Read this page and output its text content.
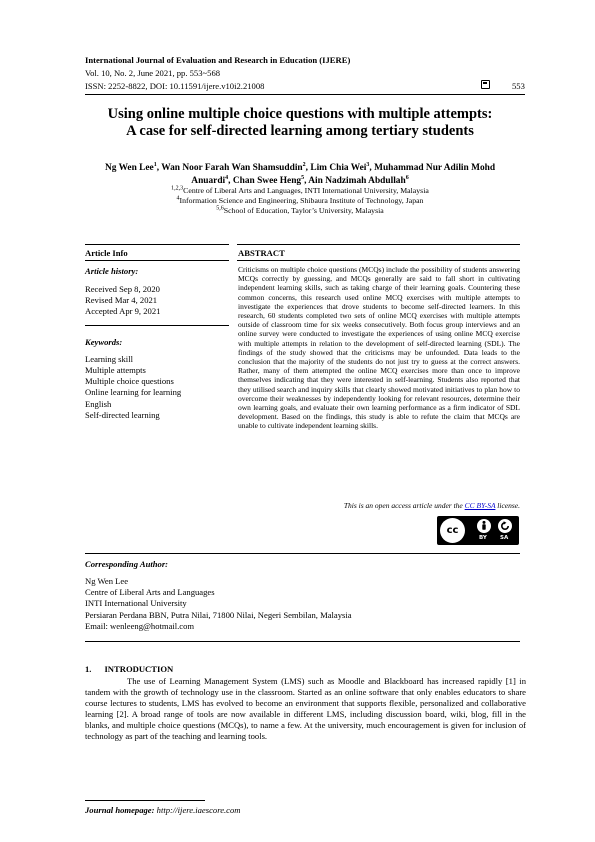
International Journal of Evaluation and Research in Education (IJERE)
Vol. 10, No. 2, June 2021, pp. 553~568
ISSN: 2252-8822, DOI: 10.11591/ijere.v10i2.21008	553
Using online multiple choice questions with multiple attempts:
A case for self-directed learning among tertiary students
Ng Wen Lee$^1$, Wan Noor Farah Wan Shamsuddin$^2$, Lim Chia Wei$^3$, Muhammad Nur Adilin Mohd Anuardi$^4$, Chan Swee Heng$^5$, Ain Nadzimah Abdullah$^6$
$^{1,2,3}$Centre of Liberal Arts and Languages, INTI International University, Malaysia
$^4$Information Science and Engineering, Shibaura Institute of Technology, Japan
$^{5,6}$School of Education, Taylor’s University, Malaysia
Article Info	ABSTRACT
Article history:
Received Sep 8, 2020
Revised Mar 4, 2021
Accepted Apr 9, 2021
Keywords:
Learning skill
Multiple attempts
Multiple choice questions
Online learning for learning
English
Self-directed learning
Criticisms on multiple choice questions (MCQs) include the possibility of students answering MCQs correctly by guessing, and MCQs generally are said to fall short in cultivating independent learning skills, such as taking charge of their learning goals. Countering these common concerns, this research used online MCQ exercises with multiple attempts to investigate the experiences that drove students to become self-directed learners. In this research, 60 students completed two sets of online MCQ exercises with multiple attempts outside of classroom time for six weeks consecutively. Both focus group interviews and an online survey were conducted to investigate the experiences of using online MCQ exercise with multiple attempts in relation to the development of self-directed learning (SDL). The findings of the study showed that the criticisms may be unfounded. Data leads to the conclusion that the majority of the students do not just try to guess at the correct answers. Rather, many of them attempted the online MCQ exercises more than once to improve themselves indicating that they were interested in self-learning. Students also reported that they utilised search and inquiry skills that clearly showed motivated initiatives to plan how to overcome their weaknesses by independently looking for relevant resources, determine their own learning goals, and evaluate their own learning performance as a firm indicator of SDL development. Based on the findings, this study is able to refute the claim that MCQs are unable to cultivate independent learning skills.
This is an open access article under the CC BY-SA license.
cc
BY SA
Corresponding Author:
Ng Wen Lee
Centre of Liberal Arts and Languages
INTI International University
Persiaran Perdana BBN, Putra Nilai, 71800 Nilai, Negeri Sembilan, Malaysia
Email: wenleeng@hotmail.com
1. INTRODUCTION
The use of Learning Management System (LMS) such as Moodle and Blackboard has increased rapidly [1] in tandem with the growth of technology use in the classroom. Started as an online software that only enables educators to share course lectures to students, LMS has evolved to become an environment that supports flexible, personalized and collaborative learning [2]. A broad range of tools are now available in different LMS, including discussion board, wiki, blog, fill in the blanks, and multiple choice questions (MCQs), to name a few. At the university, much encouragement is given for inclusion of technology as part of the teaching and learning tools.
Journal homepage: http://ijere.iaescore.com
